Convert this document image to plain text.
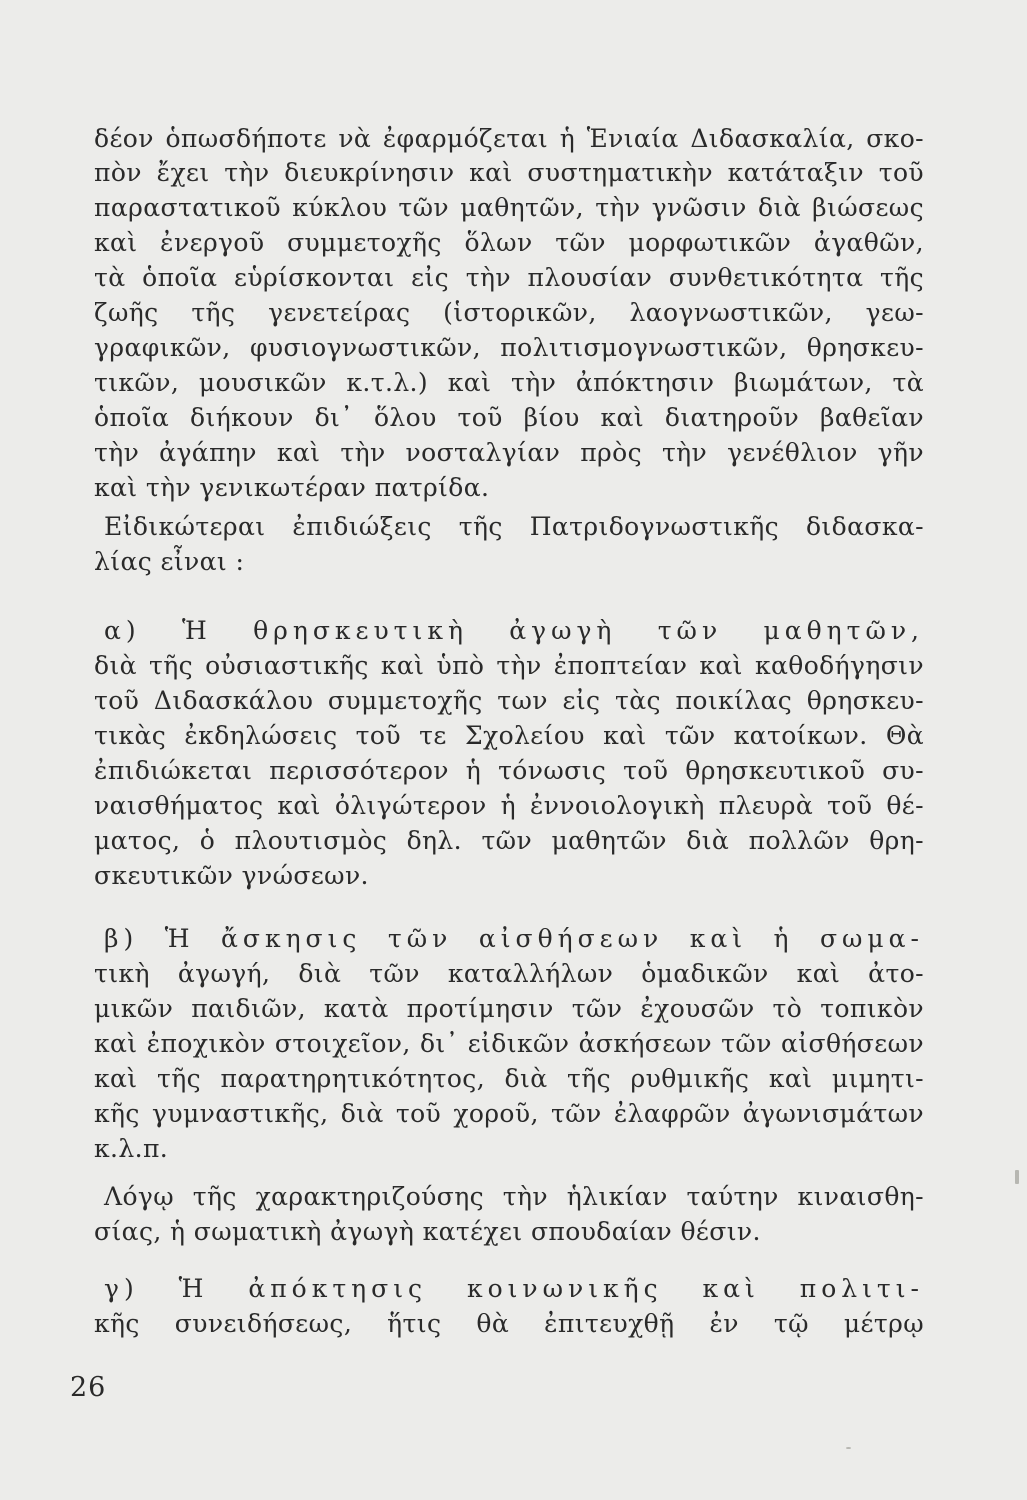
δέον ὁπωσδήποτε νὰ ἐφαρμόζεται ἡ Ἑνιαία Διδασκαλία, σκο-
πὸν ἔχει τὴν διευκρίνησιν καὶ συστηματικὴν κατάταξιν τοῦ
παραστατικοῦ κύκλου τῶν μαθητῶν, τὴν γνῶσιν διὰ βιώσεως
καὶ ἐνεργοῦ συμμετοχῆς ὅλων τῶν μορφωτικῶν ἀγαθῶν,
τὰ ὁποῖα εὑρίσκονται εἰς τὴν πλουσίαν συνθετικότητα τῆς
ζωῆς τῆς γενετείρας (ἱστορικῶν, λαογνωστικῶν, γεω-
γραφικῶν, φυσιογνωστικῶν, πολιτισμογνωστικῶν, θρησκευ-
τικῶν, μουσικῶν κ.τ.λ.) καὶ τὴν ἀπόκτησιν βιωμάτων, τὰ
ὁποῖα διήκουν δι᾿ ὅλου τοῦ βίου καὶ διατηροῦν βαθεῖαν
τὴν ἀγάπην καὶ τὴν νοσταλγίαν πρὸς τὴν γενέθλιον γῆν
καὶ τὴν γενικωτέραν πατρίδα.
Εἰδικώτεραι ἐπιδιώξεις τῆς Πατριδογνωστικῆς διδασκα-
λίας εἶναι :
α) Ἡ θρησκευτικὴ ἀγωγὴ τῶν μαθητῶν,
διὰ τῆς οὐσιαστικῆς καὶ ὑπὸ τὴν ἐποπτείαν καὶ καθοδήγησιν
τοῦ Διδασκάλου συμμετοχῆς των εἰς τὰς ποικίλας θρησκευ-
τικὰς ἐκδηλώσεις τοῦ τε Σχολείου καὶ τῶν κατοίκων. Θὰ
ἐπιδιώκεται περισσότερον ἡ τόνωσις τοῦ θρησκευτικοῦ συ-
ναισθήματος καὶ ὀλιγώτερον ἡ ἐννοιολογικὴ πλευρὰ τοῦ θέ-
ματος, ὁ πλουτισμὸς δηλ. τῶν μαθητῶν διὰ πολλῶν θρη-
σκευτικῶν γνώσεων.
β) Ἡ ἄσκησις τῶν αἰσθήσεων καὶ ἡ σωμα-
τικὴ ἀγωγή, διὰ τῶν καταλλήλων ὁμαδικῶν καὶ ἀτο-
μικῶν παιδιῶν, κατὰ προτίμησιν τῶν ἐχουσῶν τὸ τοπικὸν
καὶ ἐποχικὸν στοιχεῖον, δι᾿ εἰδικῶν ἀσκήσεων τῶν αἰσθήσεων
καὶ τῆς παρατηρητικότητος, διὰ τῆς ρυθμικῆς καὶ μιμητι-
κῆς γυμναστικῆς, διὰ τοῦ χοροῦ, τῶν ἐλαφρῶν ἀγωνισμάτων
κ.λ.π.
Λόγῳ τῆς χαρακτηριζούσης τὴν ἡλικίαν ταύτην κιναισθη-
σίας, ἡ σωματικὴ ἀγωγὴ κατέχει σπουδαίαν θέσιν.
γ) Ἡ ἀπόκτησις κοινωνικῆς καὶ πολιτι-
κῆς συνειδήσεως, ἥτις θὰ ἐπιτευχθῇ ἐν τῷ μέτρῳ
26
